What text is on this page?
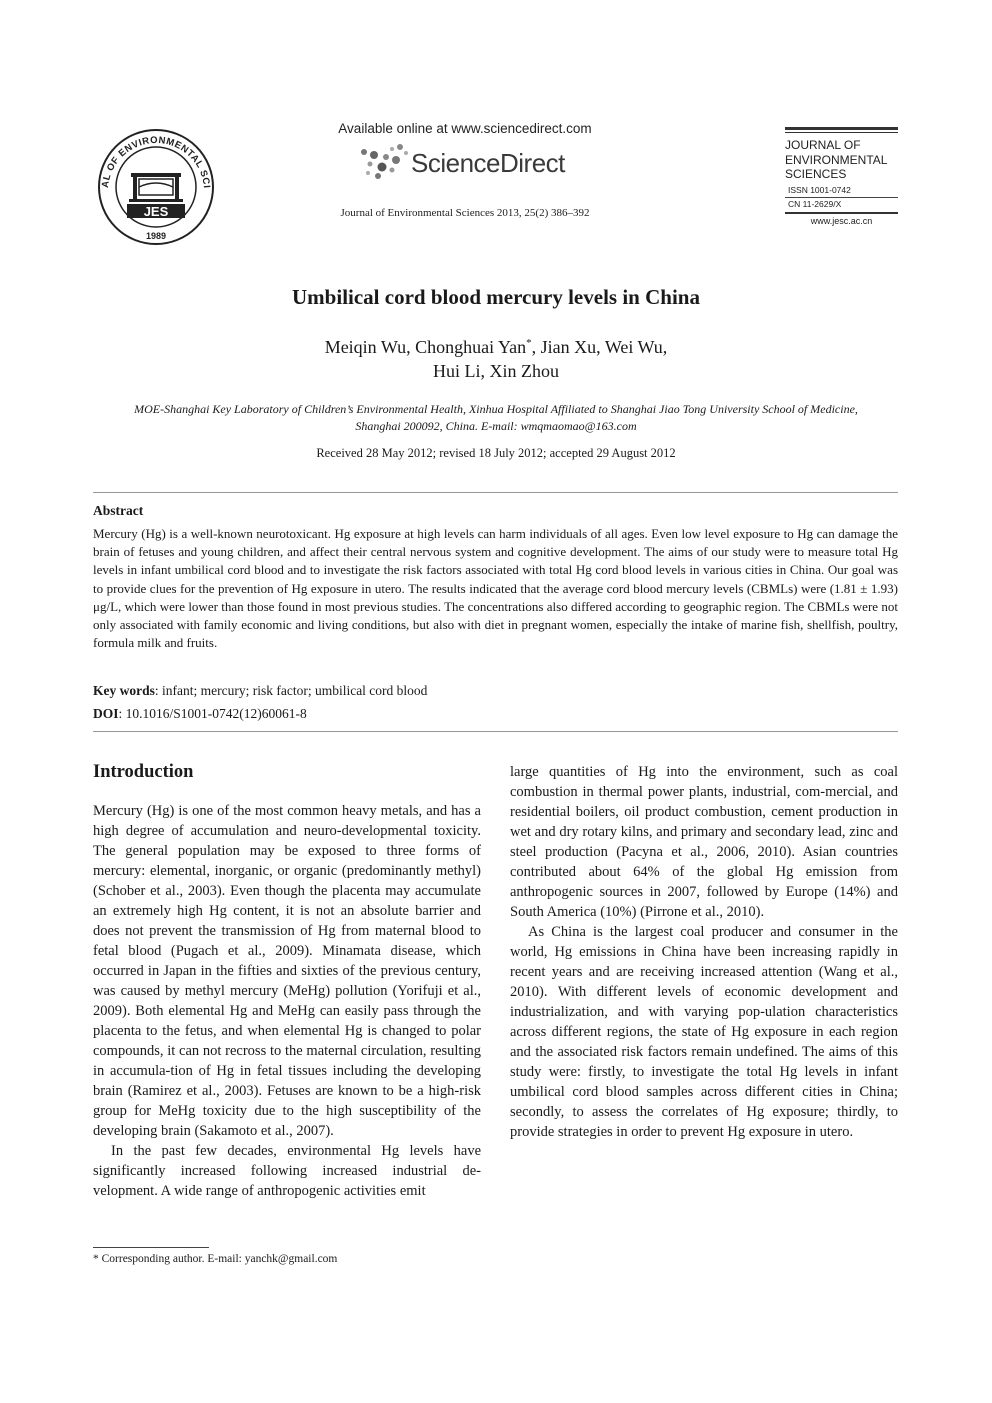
AL OF ENVIRONMENTAL SCI
JES
1989
Available online at www.sciencedirect.com
ScienceDirect
Journal of Environmental Sciences 2013, 25(2) 386–392
JOURNAL OF
ENVIRONMENTAL
SCIENCES
ISSN 1001-0742
CN 11-2629/X
www.jesc.ac.cn
Umbilical cord blood mercury levels in China
Meiqin Wu, Chonghuai Yan*, Jian Xu, Wei Wu,
Hui Li, Xin Zhou
MOE-Shanghai Key Laboratory of Children’s Environmental Health, Xinhua Hospital Affiliated to Shanghai Jiao Tong University School of Medicine,
Shanghai 200092, China. E-mail: wmqmaomao@163.com
Received 28 May 2012; revised 18 July 2012; accepted 29 August 2012
Abstract
Mercury (Hg) is a well-known neurotoxicant. Hg exposure at high levels can harm individuals of all ages. Even low level exposure to Hg can damage the brain of fetuses and young children, and affect their central nervous system and cognitive development. The aims of our study were to measure total Hg levels in infant umbilical cord blood and to investigate the risk factors associated with total Hg cord blood levels in various cities in China. Our goal was to provide clues for the prevention of Hg exposure in utero. The results indicated that the average cord blood mercury levels (CBMLs) were (1.81 ± 1.93) μg/L, which were lower than those found in most previous studies. The concentrations also differed according to geographic region. The CBMLs were not only associated with family economic and living conditions, but also with diet in pregnant women, especially the intake of marine fish, shellfish, poultry, formula milk and fruits.
Key words: infant; mercury; risk factor; umbilical cord blood
DOI: 10.1016/S1001-0742(12)60061-8
Introduction

Mercury (Hg) is one of the most common heavy metals, and has a high degree of accumulation and neuro-developmental toxicity. The general population may be exposed to three forms of mercury: elemental, inorganic, or organic (predominantly methyl) (Schober et al., 2003). Even though the placenta may accumulate an extremely high Hg content, it is not an absolute barrier and does not prevent the transmission of Hg from maternal blood to fetal blood (Pugach et al., 2009). Minamata disease, which occurred in Japan in the fifties and sixties of the previous century, was caused by methyl mercury (MeHg) pollution (Yorifuji et al., 2009). Both elemental Hg and MeHg can easily pass through the placenta to the fetus, and when elemental Hg is changed to polar compounds, it can not recross to the maternal circulation, resulting in accumula-tion of Hg in fetal tissues including the developing brain (Ramirez et al., 2003). Fetuses are known to be a high-risk group for MeHg toxicity due to the high susceptibility of the developing brain (Sakamoto et al., 2007).

In the past few decades, environmental Hg levels have significantly increased following increased industrial de-velopment. A wide range of anthropogenic activities emit

large quantities of Hg into the environment, such as coal combustion in thermal power plants, industrial, com-mercial, and residential boilers, oil product combustion, cement production in wet and dry rotary kilns, and primary and secondary lead, zinc and steel production (Pacyna et al., 2006, 2010). Asian countries contributed about 64% of the global Hg emission from anthropogenic sources in 2007, followed by Europe (14%) and South America (10%) (Pirrone et al., 2010).

As China is the largest coal producer and consumer in the world, Hg emissions in China have been increasing rapidly in recent years and are receiving increased attention (Wang et al., 2010). With different levels of economic development and industrialization, and with varying pop-ulation characteristics across different regions, the state of Hg exposure in each region and the associated risk factors remain undefined. The aims of this study were: firstly, to investigate the total Hg levels in infant umbilical cord blood samples across different cities in China; secondly, to assess the correlates of Hg exposure; thirdly, to provide strategies in order to prevent Hg exposure in utero.

* Corresponding author. E-mail: yanchk@gmail.com
